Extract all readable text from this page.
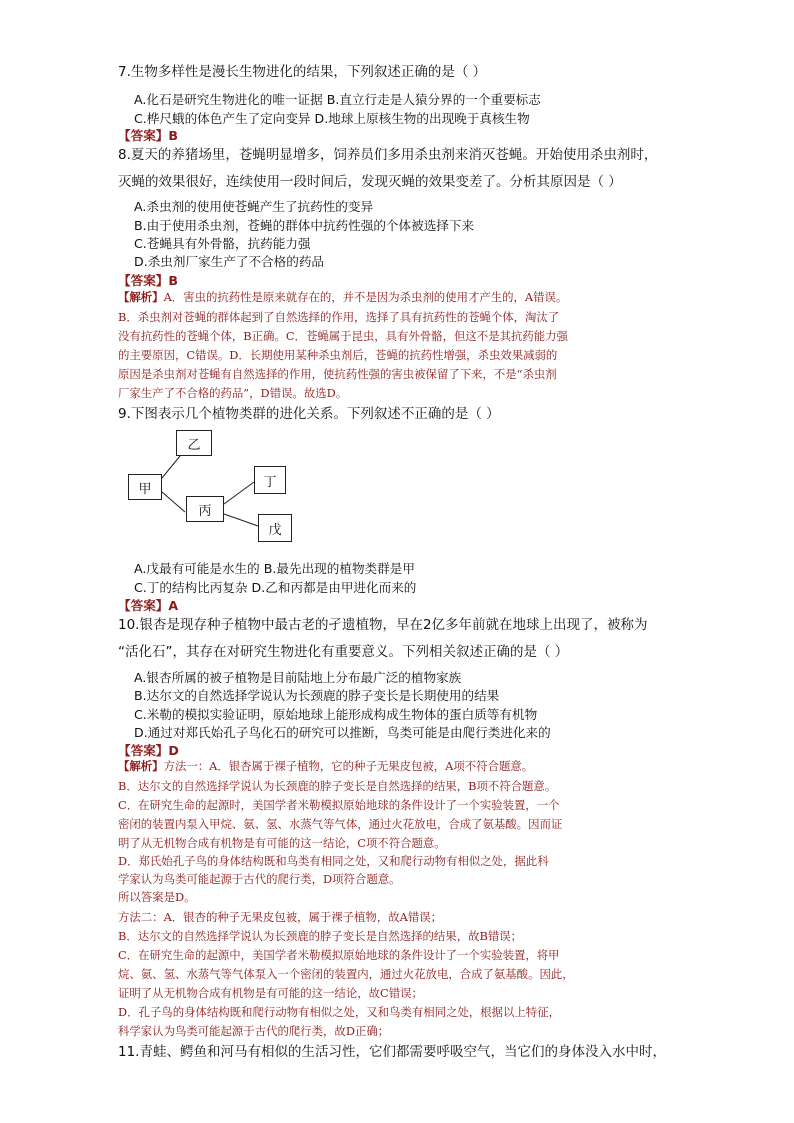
7.生物多样性是漫长生物进化的结果，下列叙述正确的是（ ）

A.化石是研究生物进化的唯一证据 B.直立行走是人猿分界的一个重要标志

C.桦尺蛾的体色产生了定向变异 D.地球上原核生物的出现晚于真核生物

【答案】B

8.夏天的养猪场里，苍蝇明显增多，饲养员们多用杀虫剂来消灭苍蝇。开始使用杀虫剂时，

灭蝇的效果很好，连续使用一段时间后，发现灭蝇的效果变差了。分析其原因是（ ）

A.杀虫剂的使用使苍蝇产生了抗药性的变异

B.由于使用杀虫剂，苍蝇的群体中抗药性强的个体被选择下来

C.苍蝇具有外骨骼，抗药能力强

D.杀虫剂厂家生产了不合格的药品

【答案】B

【解析】A．害虫的抗药性是原来就存在的，并不是因为杀虫剂的使用才产生的，A错误。

B．杀虫剂对苍蝇的群体起到了自然选择的作用，选择了具有抗药性的苍蝇个体，淘汰了

没有抗药性的苍蝇个体，B正确。C．苍蝇属于昆虫，具有外骨骼，但这不是其抗药能力强

的主要原因，C错误。D．长期使用某种杀虫剂后，苍蝇的抗药性增强，杀虫效果减弱的

原因是杀虫剂对苍蝇有自然选择的作用，使抗药性强的害虫被保留了下来，不是“杀虫剂

厂家生产了不合格的药品”，D错误。故选D。

9.下图表示几个植物类群的进化关系。下列叙述不正确的是（ ）

甲
乙
丙
丁
戊

A.戊最有可能是水生的 B.最先出现的植物类群是甲

C.丁的结构比丙复杂 D.乙和丙都是由甲进化而来的

【答案】A

10.银杏是现存种子植物中最古老的孑遗植物，早在2亿多年前就在地球上出现了，被称为

“活化石”，其存在对研究生物进化有重要意义。下列相关叙述正确的是（ ）

A.银杏所属的被子植物是目前陆地上分布最广泛的植物家族

B.达尔文的自然选择学说认为长颈鹿的脖子变长是长期使用的结果

C.米勒的模拟实验证明，原始地球上能形成构成生物体的蛋白质等有机物

D.通过对郑氏始孔子鸟化石的研究可以推断，鸟类可能是由爬行类进化来的

【答案】D

【解析】方法一：A．银杏属于裸子植物，它的种子无果皮包被，A项不符合题意。

B．达尔文的自然选择学说认为长颈鹿的脖子变长是自然选择的结果，B项不符合题意。

C．在研究生命的起源时，美国学者米勒模拟原始地球的条件设计了一个实验装置，一个

密闭的装置内泵入甲烷、氨、氢、水蒸气等气体，通过火花放电，合成了氨基酸。因而证

明了从无机物合成有机物是有可能的这一结论，C项不符合题意。

D．郑氏始孔子鸟的身体结构既和鸟类有相同之处，又和爬行动物有相似之处，据此科

学家认为鸟类可能起源于古代的爬行类，D项符合题意。

所以答案是D。

方法二：A．银杏的种子无果皮包被，属于裸子植物，故A错误；

B．达尔文的自然选择学说认为长颈鹿的脖子变长是自然选择的结果，故B错误；

C．在研究生命的起源中，美国学者米勒模拟原始地球的条件设计了一个实验装置，将甲

烷、氨、氢、水蒸气等气体泵入一个密闭的装置内，通过火花放电，合成了氨基酸。因此，

证明了从无机物合成有机物是有可能的这一结论，故C错误；

D．孔子鸟的身体结构既和爬行动物有相似之处，又和鸟类有相同之处，根据以上特征，

科学家认为鸟类可能起源于古代的爬行类，故D正确；

11.青蛙、鳄鱼和河马有相似的生活习性，它们都需要呼吸空气，当它们的身体没入水中时，
